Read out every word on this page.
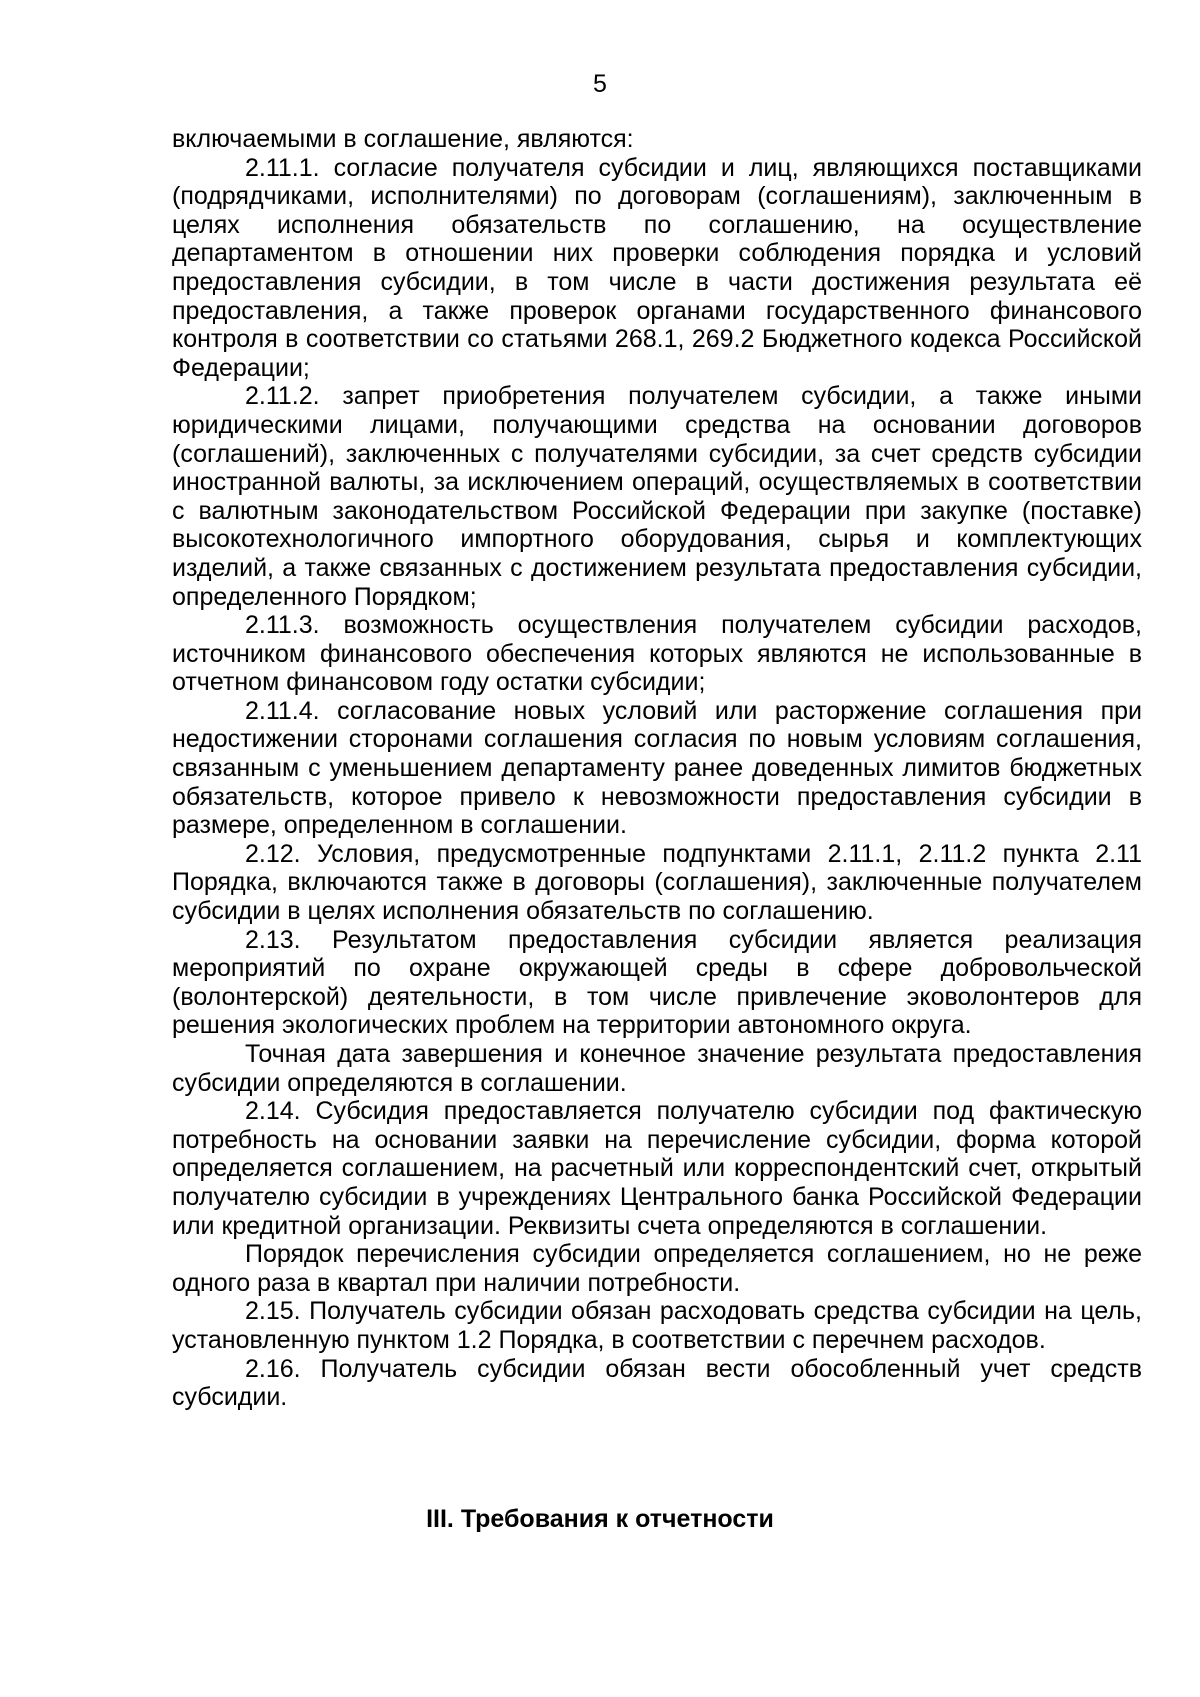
5

включаемыми в соглашение, являются:

2.11.1. согласие получателя субсидии и лиц, являющихся поставщиками (подрядчиками, исполнителями) по договорам (соглашениям), заключенным в целях исполнения обязательств по соглашению, на осуществление департаментом в отношении них проверки соблюдения порядка и условий предоставления субсидии, в том числе в части достижения результата её предоставления, а также проверок органами государственного финансового контроля в соответствии со статьями 268.1, 269.2 Бюджетного кодекса Российской Федерации;

2.11.2. запрет приобретения получателем субсидии, а также иными юридическими лицами, получающими средства на основании договоров (соглашений), заключенных с получателями субсидии, за счет средств субсидии иностранной валюты, за исключением операций, осуществляемых в соответствии с валютным законодательством Российской Федерации при закупке (поставке) высокотехнологичного импортного оборудования, сырья и комплектующих изделий, а также связанных с достижением результата предоставления субсидии, определенного Порядком;

2.11.3. возможность осуществления получателем субсидии расходов, источником финансового обеспечения которых являются не использованные в отчетном финансовом году остатки субсидии;

2.11.4. согласование новых условий или расторжение соглашения при недостижении сторонами соглашения согласия по новым условиям соглашения, связанным с уменьшением департаменту ранее доведенных лимитов бюджетных обязательств, которое привело к невозможности предоставления субсидии в размере, определенном в соглашении.

2.12. Условия, предусмотренные подпунктами 2.11.1, 2.11.2 пункта 2.11 Порядка, включаются также в договоры (соглашения), заключенные получателем субсидии в целях исполнения обязательств по соглашению.

2.13. Результатом предоставления субсидии является реализация мероприятий по охране окружающей среды в сфере добровольческой (волонтерской) деятельности, в том числе привлечение эковолонтеров для решения экологических проблем на территории автономного округа.

Точная дата завершения и конечное значение результата предоставления субсидии определяются в соглашении.

2.14. Субсидия предоставляется получателю субсидии под фактическую потребность на основании заявки на перечисление субсидии, форма которой определяется соглашением, на расчетный или корреспондентский счет, открытый получателю субсидии в учреждениях Центрального банка Российской Федерации или кредитной организации. Реквизиты счета определяются в соглашении.

Порядок перечисления субсидии определяется соглашением, но не реже одного раза в квартал при наличии потребности.

2.15. Получатель субсидии обязан расходовать средства субсидии на цель, установленную пунктом 1.2 Порядка, в соответствии с перечнем расходов.

2.16. Получатель субсидии обязан вести обособленный учет средств субсидии.

III. Требования к отчетности
